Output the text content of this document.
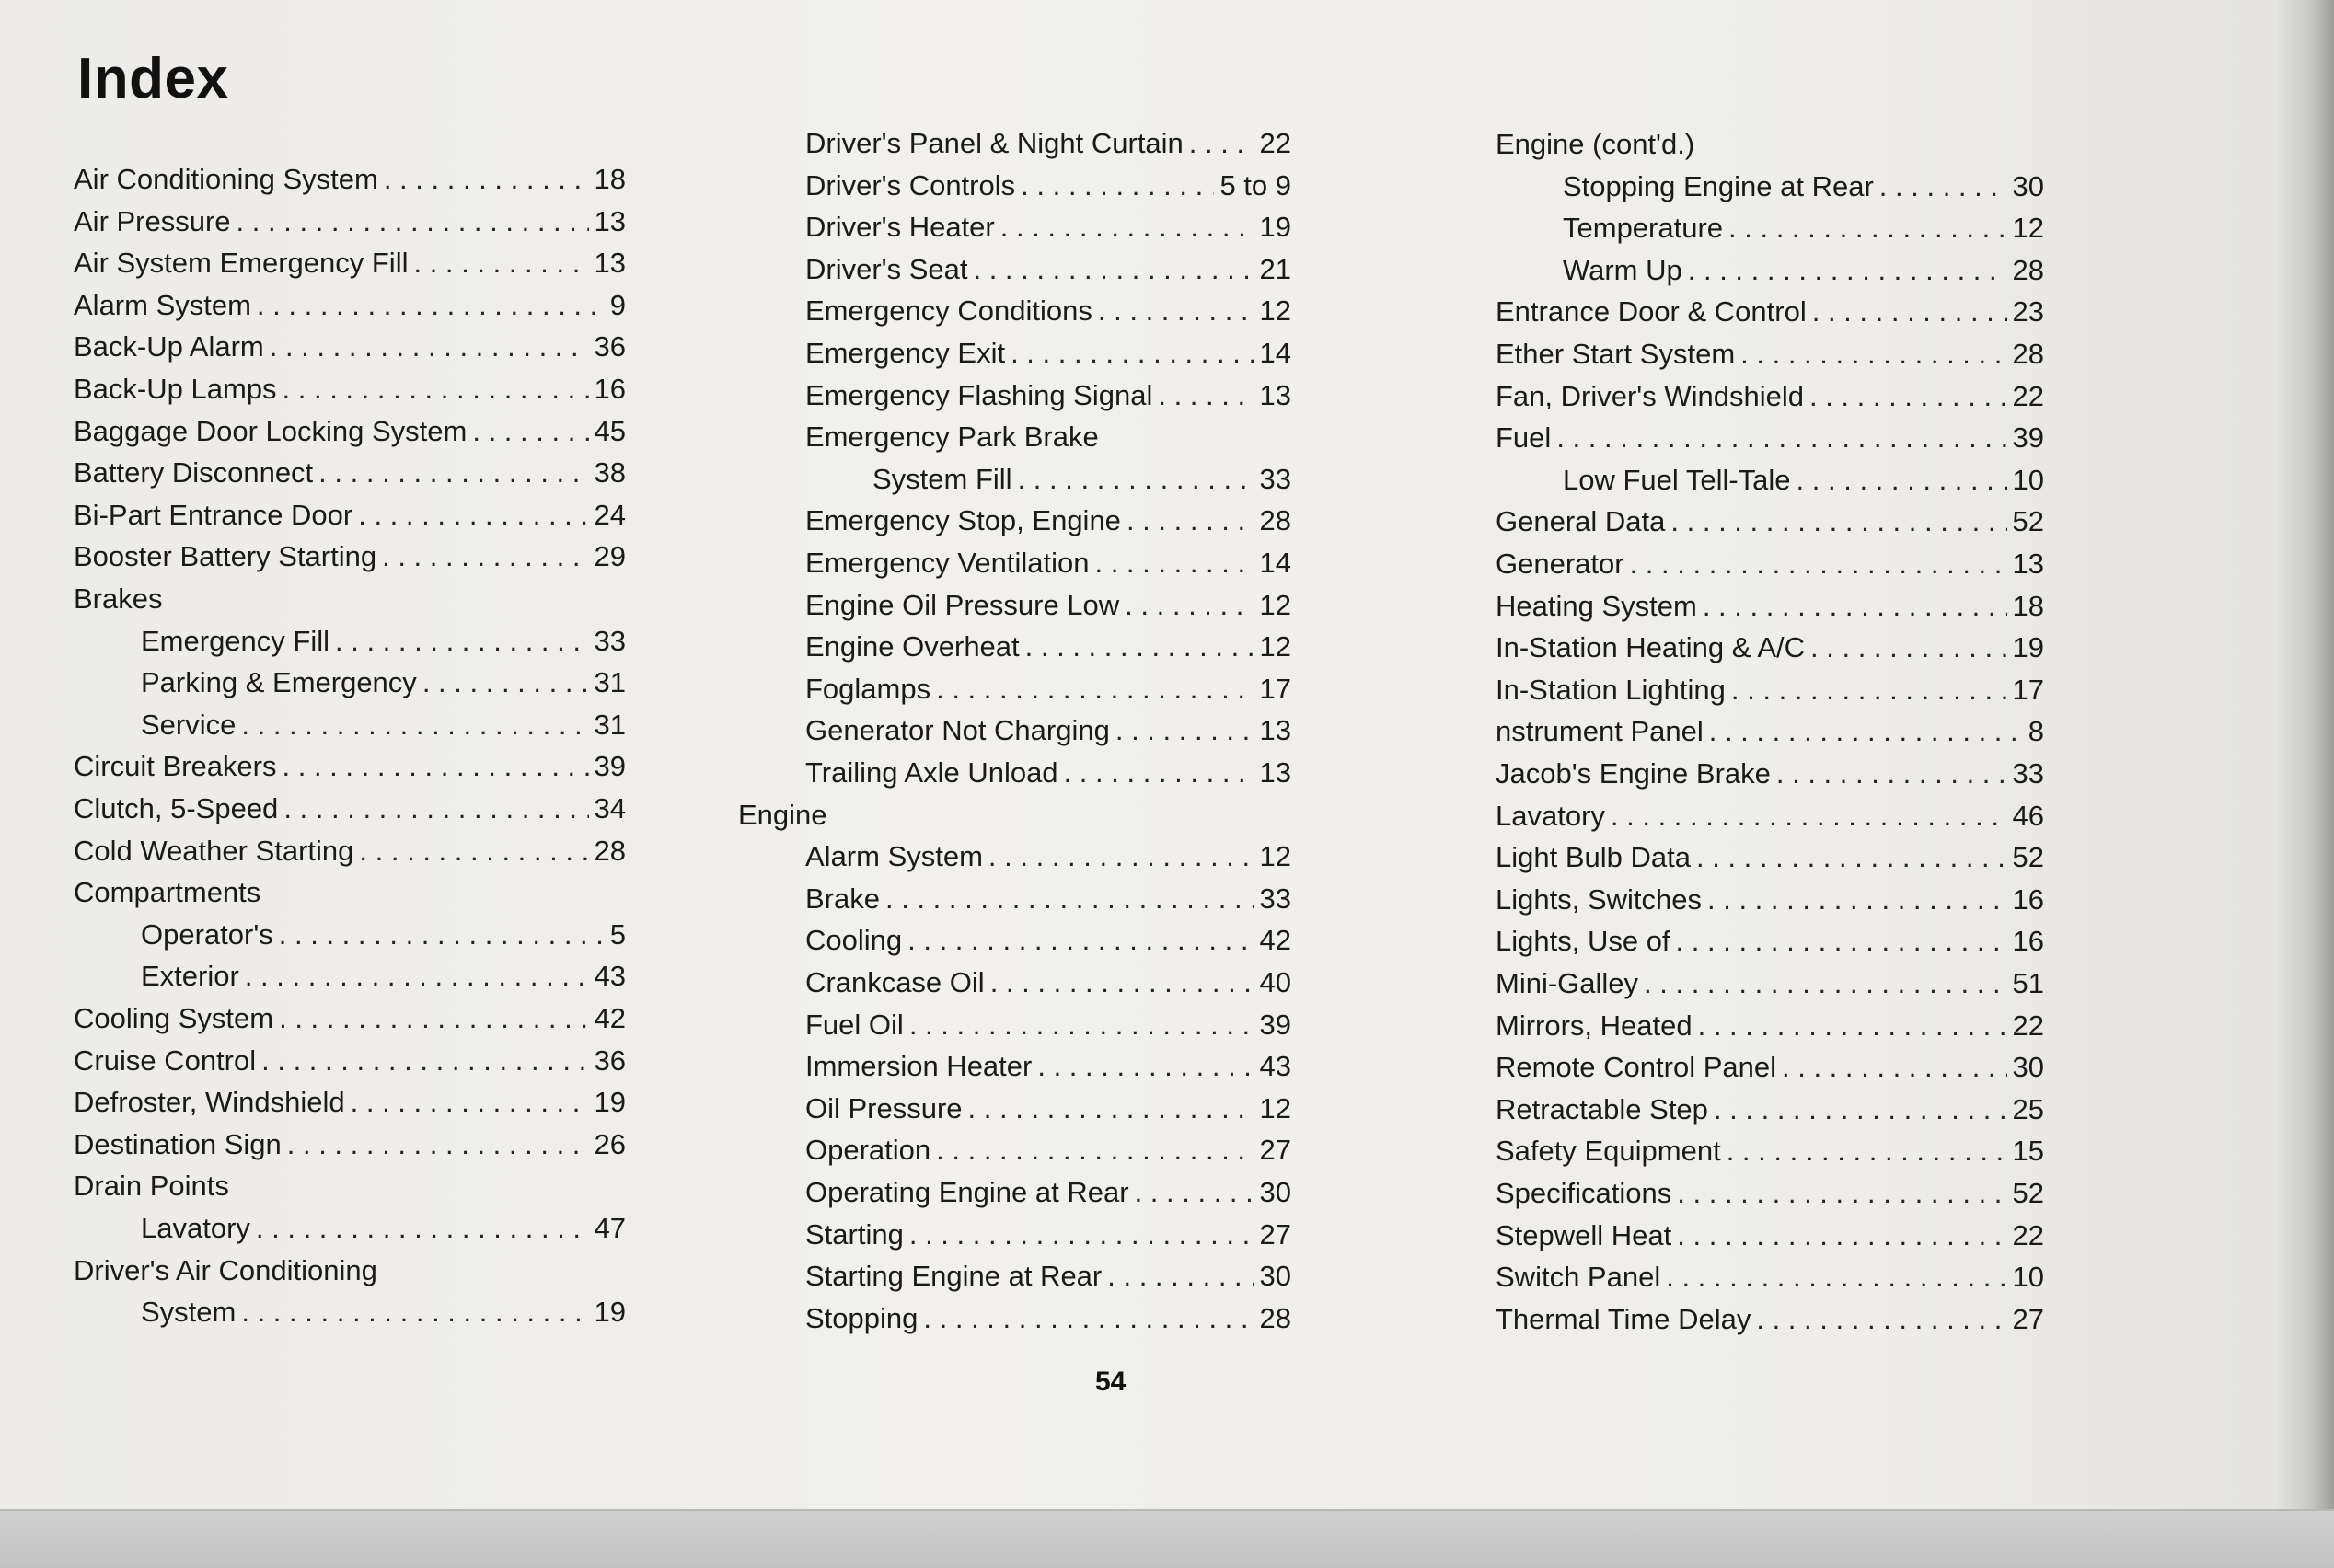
Index
Air Conditioning System . . .	18
Air Pressure . . .	13
Air System Emergency Fill . . .	13
Alarm System . . .	9
Back-Up Alarm . . .	36
Back-Up Lamps . . .	16
Baggage Door Locking System . . .	45
Battery Disconnect . . .	38
Bi-Part Entrance Door . . .	24
Booster Battery Starting . . .	29
Brakes
Emergency Fill . . .	33
Parking & Emergency . . .	31
Service . . .	31
Circuit Breakers . . .	39
Clutch, 5-Speed . . .	34
Cold Weather Starting . . .	28
Compartments
Operator's . . .	5
Exterior . . .	43
Cooling System . . .	42
Cruise Control . . .	36
Defroster, Windshield . . .	19
Destination Sign . . .	26
Drain Points
Lavatory . . .	47
Driver's Air Conditioning
System . . .	19
Driver's Panel & Night Curtain . . .	22
Driver's Controls . . .	5 to 9
Driver's Heater . . .	19
Driver's Seat . . .	21
Emergency Conditions . . .	12
Emergency Exit . . .	14
Emergency Flashing Signal . . .	13
Emergency Park Brake
System Fill . . .	33
Emergency Stop, Engine . . .	28
Emergency Ventilation . . .	14
Engine Oil Pressure Low . . .	12
Engine Overheat . . .	12
Foglamps . . .	17
Generator Not Charging . . .	13
Trailing Axle Unload . . .	13
Engine
Alarm System . . .	12
Brake . . .	33
Cooling . . .	42
Crankcase Oil . . .	40
Fuel Oil . . .	39
Immersion Heater . . .	43
Oil Pressure . . .	12
Operation . . .	27
Operating Engine at Rear . . .	30
Starting . . .	27
Starting Engine at Rear . . .	30
Stopping . . .	28
Engine (cont'd.)
Stopping Engine at Rear . . .	30
Temperature . . .	12
Warm Up . . .	28
Entrance Door & Control . . .	23
Ether Start System . . .	28
Fan, Driver's Windshield . . .	22
Fuel . . .	39
Low Fuel Tell-Tale . . .	10
General Data . . .	52
Generator . . .	13
Heating System . . .	18
In-Station Heating & A/C . . .	19
In-Station Lighting . . .	17
nstrument Panel . . .	8
Jacob's Engine Brake . . .	33
Lavatory . . .	46
Light Bulb Data . . .	52
Lights, Switches . . .	16
Lights, Use of . . .	16
Mini-Galley . . .	51
Mirrors, Heated . . .	22
Remote Control Panel . . .	30
Retractable Step . . .	25
Safety Equipment . . .	15
Specifications . . .	52
Stepwell Heat . . .	22
Switch Panel . . .	10
Thermal Time Delay . . .	27
54
